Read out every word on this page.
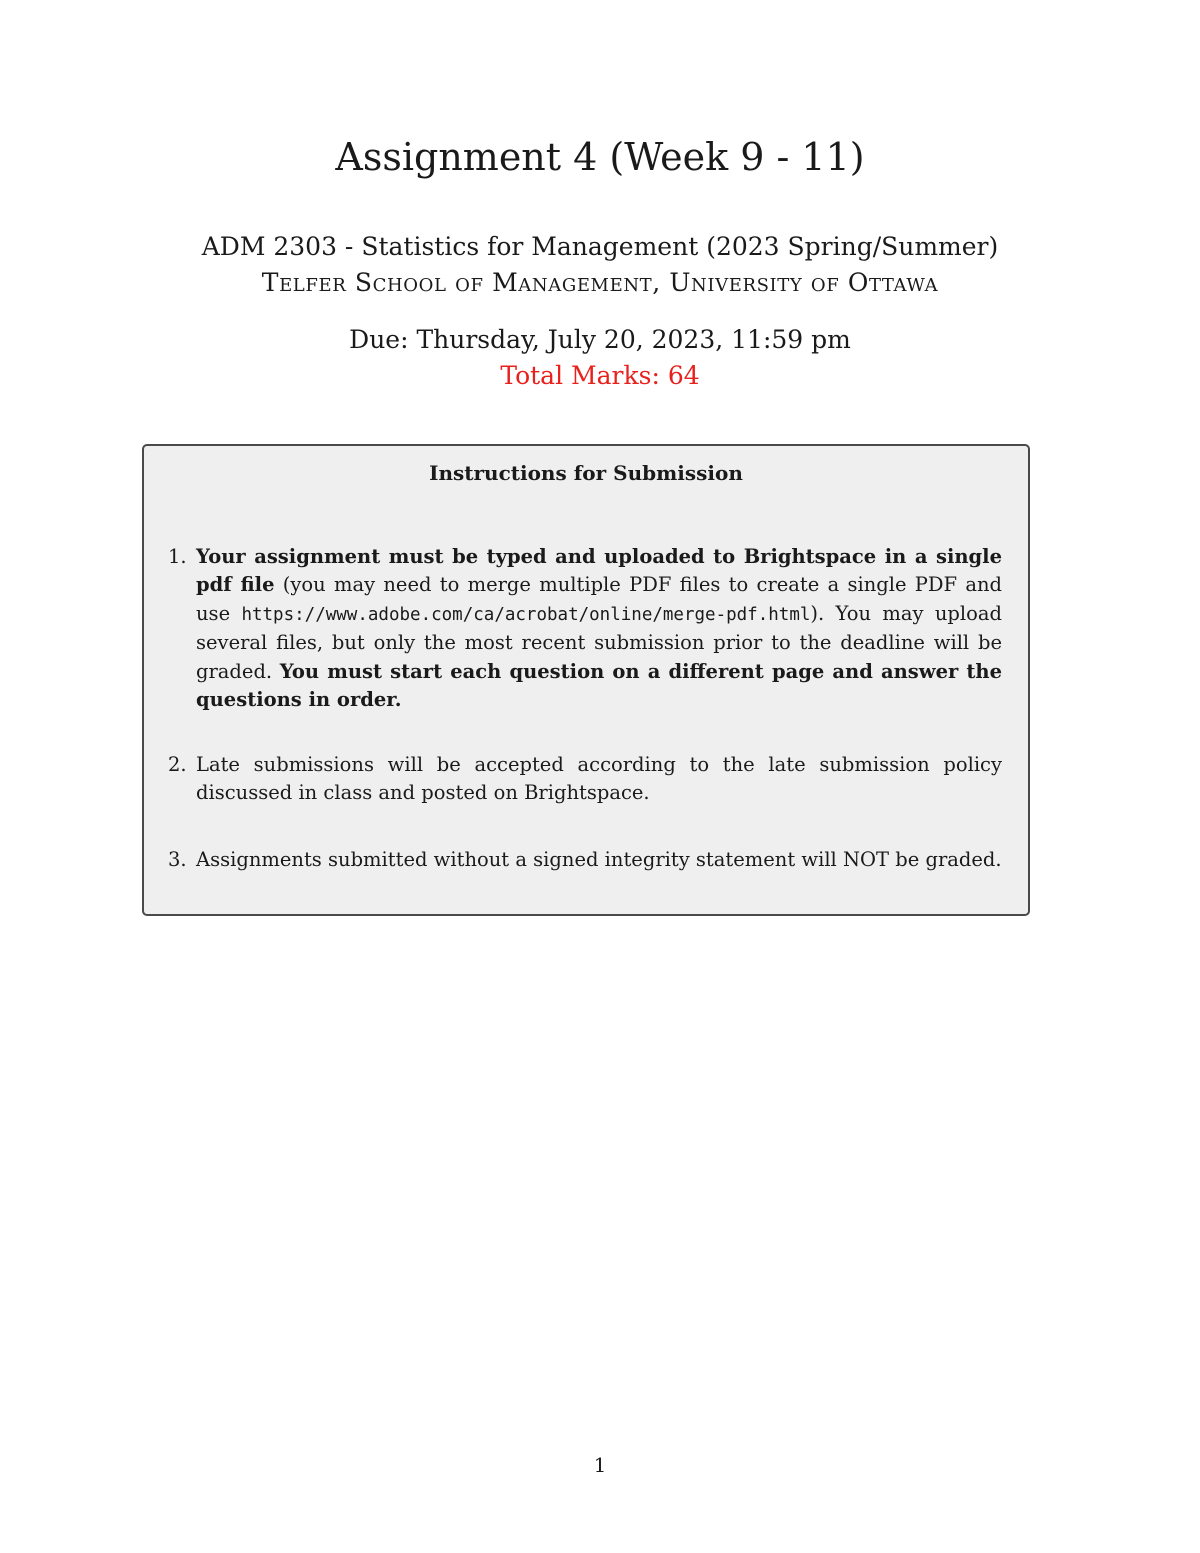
Assignment 4 (Week 9 - 11)
ADM 2303 - Statistics for Management (2023 Spring/Summer)
Telfer School of Management, University of Ottawa
Due: Thursday, July 20, 2023, 11:59 pm
Total Marks: 64
Instructions for Submission
1. Your assignment must be typed and uploaded to Brightspace in a single pdf file (you may need to merge multiple PDF files to create a single PDF and use https://www.adobe.com/ca/acrobat/online/merge-pdf.html). You may upload several files, but only the most recent submission prior to the deadline will be graded. You must start each question on a different page and answer the questions in order.
2. Late submissions will be accepted according to the late submission policy discussed in class and posted on Brightspace.
3. Assignments submitted without a signed integrity statement will NOT be graded.
1
